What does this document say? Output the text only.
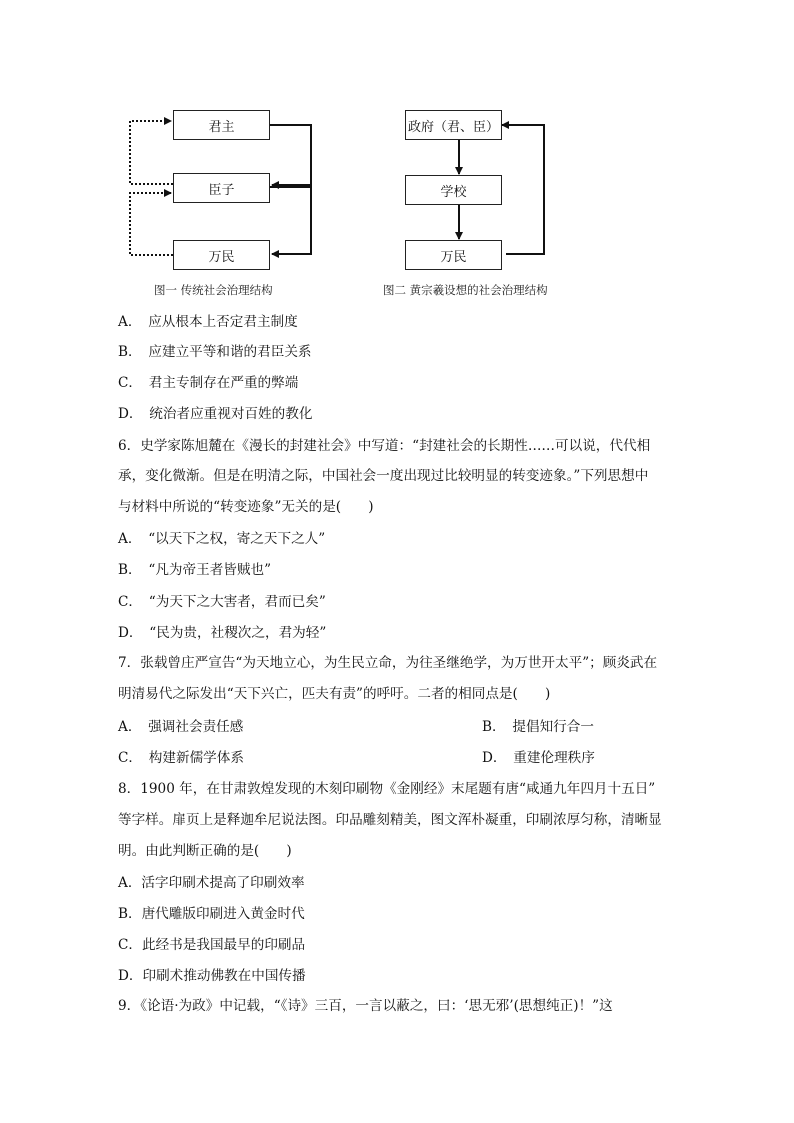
君主
臣子
万民
图一 传统社会治理结构
政府（君、臣）
学校
万民
图二 黄宗羲设想的社会治理结构
A．　应从根本上否定君主制度
B．　应建立平等和谐的君臣关系
C．　君主专制存在严重的弊端
D．　统治者应重视对百姓的教化
6．史学家陈旭麓在《漫长的封建社会》中写道：“封建社会的长期性……可以说，代代相
承，变化微渐。但是在明清之际，中国社会一度出现过比较明显的转变迹象。”下列思想中
与材料中所说的“转变迹象”无关的是(　　)
A．　“以天下之权，寄之天下之人”
B．　“凡为帝王者皆贼也”
C．　“为天下之大害者，君而已矣”
D．　“民为贵，社稷次之，君为轻”
7．张载曾庄严宣告“为天地立心，为生民立命，为往圣继绝学，为万世开太平”；顾炎武在
明清易代之际发出“天下兴亡，匹夫有责”的呼吁。二者的相同点是(　　)
A．　强调社会责任感	B．　提倡知行合一
C．　构建新儒学体系	D．　重建伦理秩序
8．1900 年，在甘肃敦煌发现的木刻印刷物《金刚经》末尾题有唐“咸通九年四月十五日”
等字样。扉页上是释迦牟尼说法图。印品雕刻精美，图文浑朴凝重，印刷浓厚匀称，清晰显
明。由此判断正确的是(　　)
A．活字印刷术提高了印刷效率
B．唐代雕版印刷进入黄金时代
C．此经书是我国最早的印刷品
D．印刷术推动佛教在中国传播
9．《论语·为政》中记载，“《诗》三百，一言以蔽之，曰：‘思无邪’(思想纯正)！”这
